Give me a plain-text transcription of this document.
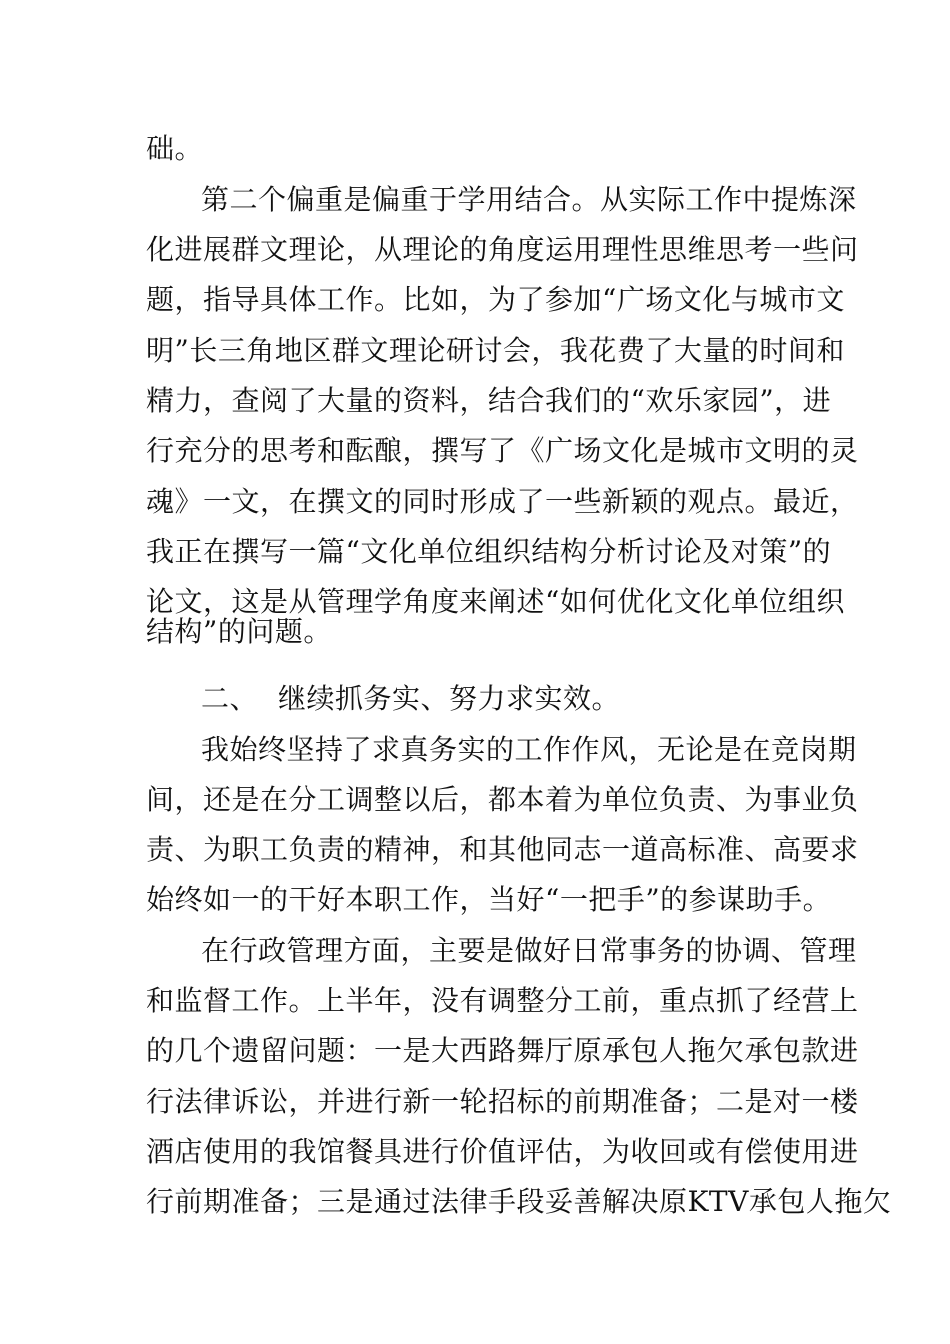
础。
第二个偏重是偏重于学用结合。从实际工作中提炼深
化进展群文理论，从理论的角度运用理性思维思考一些问
题，指导具体工作。比如，为了参加“广场文化与城市文
明”长三角地区群文理论研讨会，我花费了大量的时间和
精力，查阅了大量的资料，结合我们的“欢乐家园”，进
行充分的思考和酝酿，撰写了《广场文化是城市文明的灵
魂》一文，在撰文的同时形成了一些新颖的观点。最近，
我正在撰写一篇“文化单位组织结构分析讨论及对策”的
论文，这是从管理学角度来阐述“如何优化文化单位组织
结构”的问题。
二、 继续抓务实、努力求实效。
我始终坚持了求真务实的工作作风，无论是在竞岗期
间，还是在分工调整以后，都本着为单位负责、为事业负
责、为职工负责的精神，和其他同志一道高标准、高要求
始终如一的干好本职工作，当好“一把手”的参谋助手。
在行政管理方面，主要是做好日常事务的协调、管理
和监督工作。上半年，没有调整分工前，重点抓了经营上
的几个遗留问题：一是大西路舞厅原承包人拖欠承包款进
行法律诉讼，并进行新一轮招标的前期准备；二是对一楼
酒店使用的我馆餐具进行价值评估，为收回或有偿使用进
行前期准备；三是通过法律手段妥善解决原KTV承包人拖欠
